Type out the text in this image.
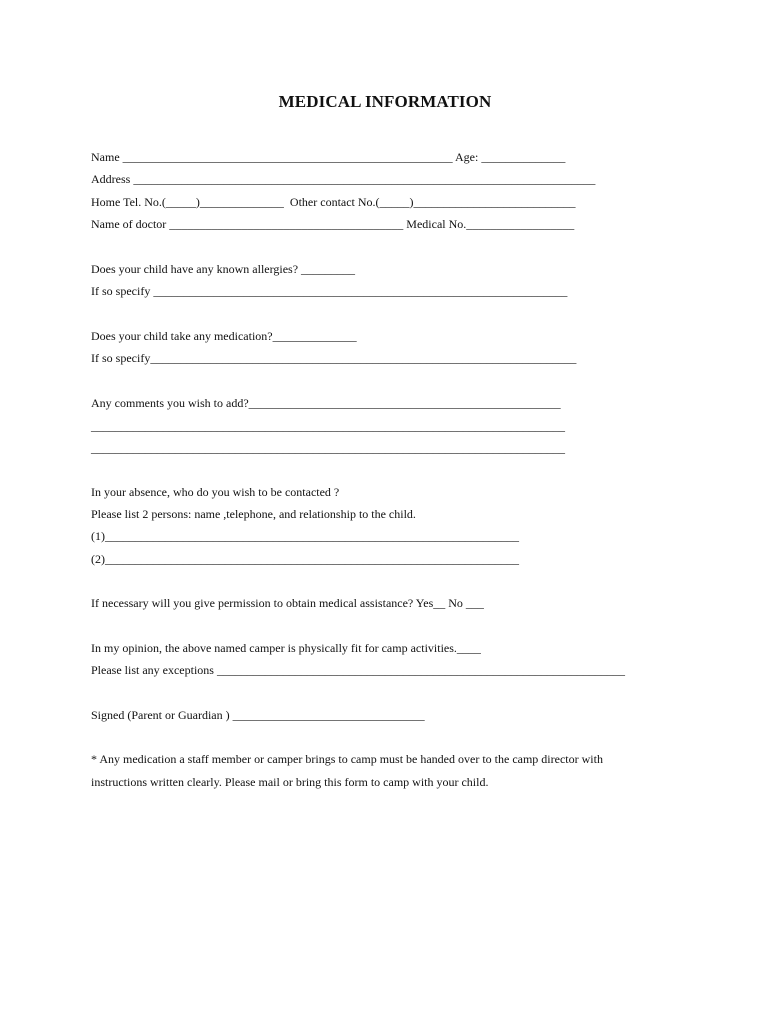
MEDICAL INFORMATION
Name _______________________________________________________ Age: ______________
Address _____________________________________________________________________________
Home Tel. No.(_____)______________  Other contact No.(_____)___________________________
Name of doctor _______________________________________ Medical No.__________________
Does your child have any known allergies? _________
If so specify _____________________________________________________________________
Does your child take any medication?______________
If so specify_______________________________________________________________________
Any comments you wish to add?____________________________________________________
_______________________________________________________________________________
_______________________________________________________________________________
In your absence, who do you wish to be contacted ?
Please list 2 persons: name ,telephone, and relationship to the child.
(1)_____________________________________________________________________
(2)_____________________________________________________________________
If necessary will you give permission to obtain medical assistance? Yes__ No ___
In my opinion, the above named camper is physically fit for camp activities.____
Please list any exceptions ____________________________________________________________________
Signed (Parent or Guardian ) ________________________________
* Any medication a staff member or camper brings to camp must be handed over to the camp director with
instructions written clearly. Please mail or bring this form to camp with your child.
